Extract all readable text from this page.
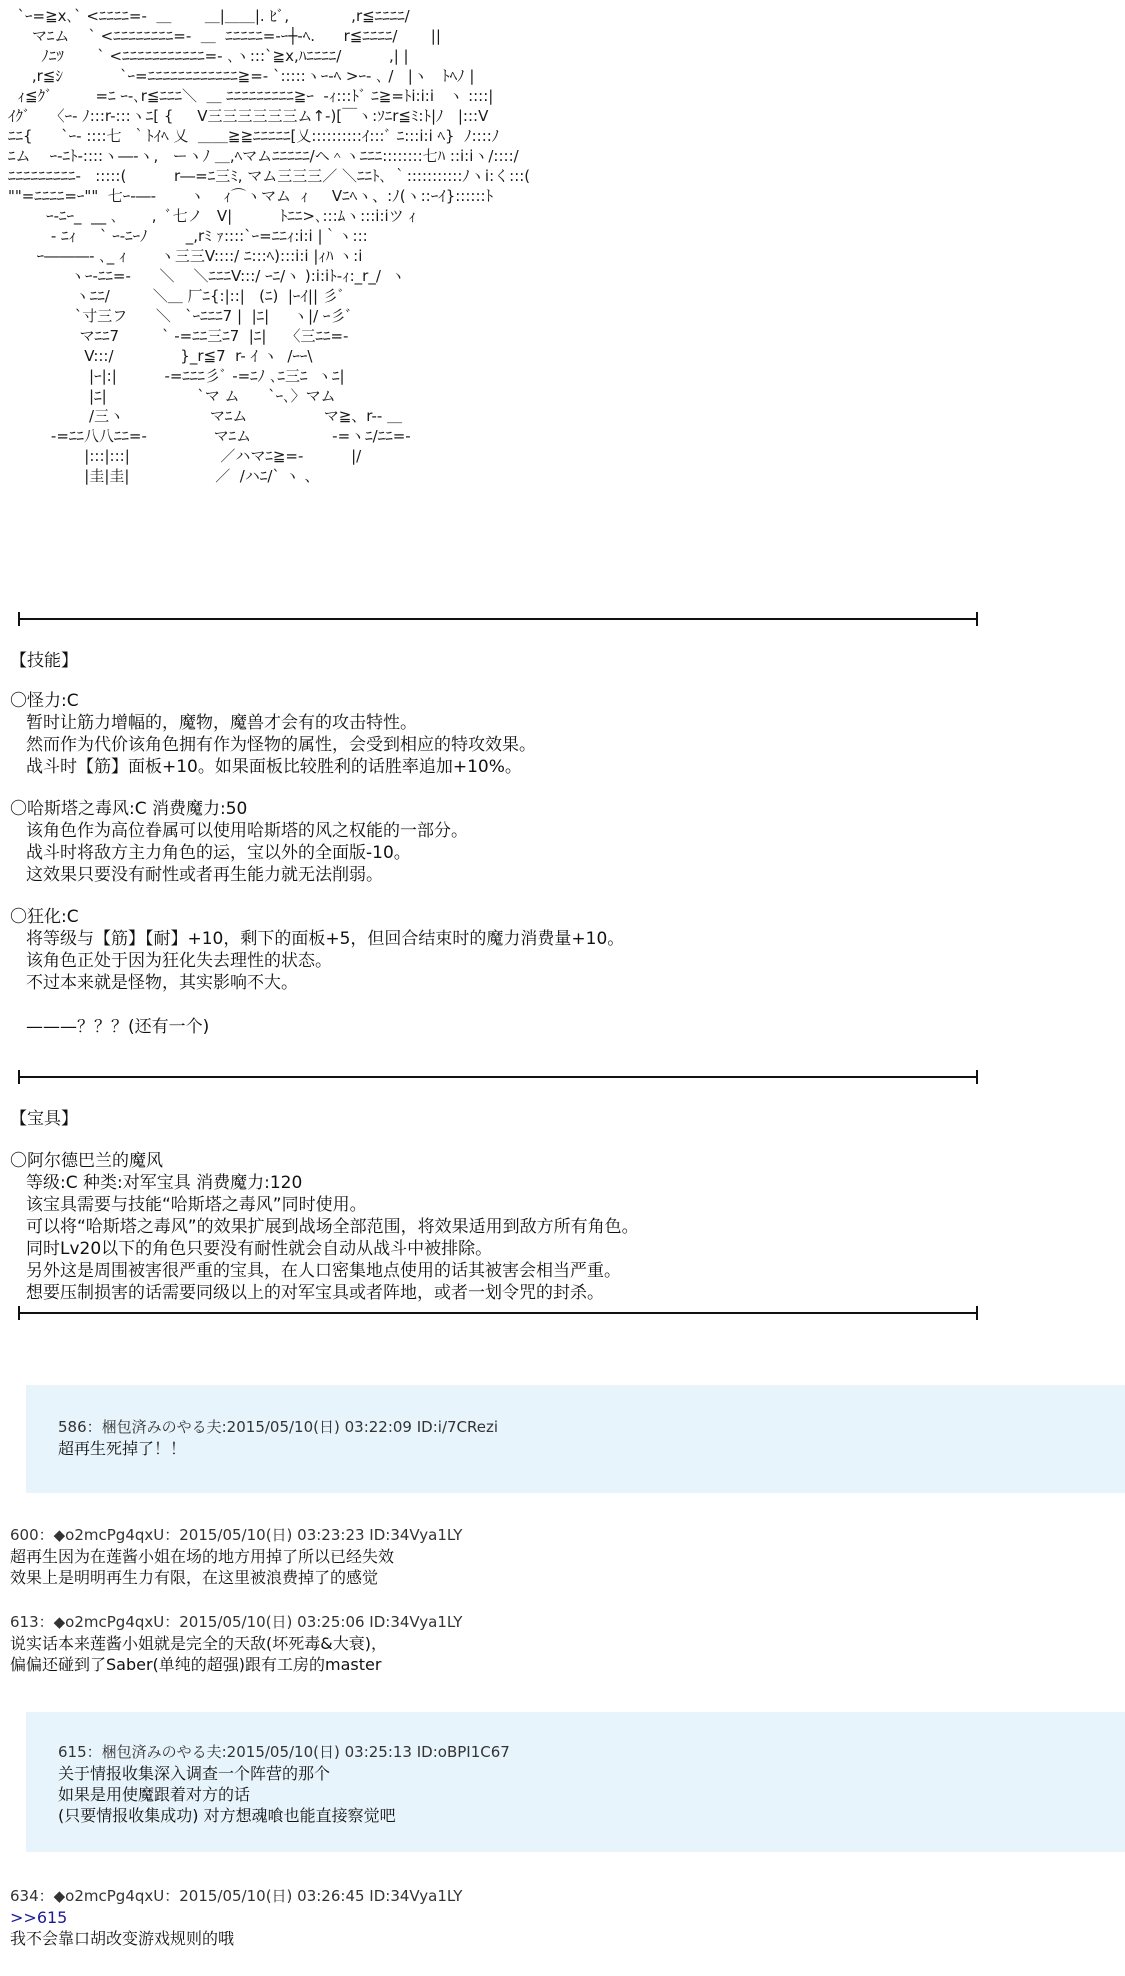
`ｰ=≧x､` <ﾆﾆﾆﾆ=-  ＿       ＿|＿＿|. ﾋﾞ,             ,r≦ﾆﾆﾆﾆ/
マﾆム    ` <ﾆﾆﾆﾆﾆﾆﾆﾆ=-  ＿  ﾆﾆﾆﾆﾆ=-ｰ┼‐ﾍ.      r≦ﾆﾆﾆﾆ/       ||
ﾉﾆﾂ       ` <ﾆﾆﾆﾆﾆﾆﾆﾆﾆﾆﾆ=- ､ヽ:::`≧x,ﾊﾆﾆﾆﾆ/          ,| |
,r≦ｼ            `ｰ=ﾆﾆﾆﾆﾆﾆﾆﾆﾆﾆﾆﾆ≧=- `:::::ヽｰ-ﾍ >ｰ- ､ /   |ヽ   ﾄﾍﾉ |
ｨ≦ｸﾞ         =ﾆ ｰ-､r≦ﾆﾆﾆ＼  ＿ ﾆﾆﾆﾆﾆﾆﾆﾆﾆ≧ｰ  -ｨ:::ﾄﾞ ﾆ≧=ﾄi:i:i   ヽ ::::|
ｲｸﾞ    〈ｰ- ﾉ:::r-:::ヽﾆ[ {     V三三三三三三ム↑-)[￣ヽ:ｿﾆr≦ﾐ:ﾄ|ﾉ   |:::V
ﾆﾆ{      `ｰ- ::::七  ｀ﾄｲﾍ 乂  ＿＿≧≧ﾆﾆﾆﾆﾆ[乂::::::::::ｲ:::ﾞ ﾆ:::i:i ﾍ}  ﾉ::::ﾉ
ﾆム    ｰ-ﾆﾄ-::::ヽ―-ヽ,   ーヽﾉ ＿,ﾍマムﾆﾆﾆﾆﾆ/ヘ＾ヽﾆﾆﾆ::::::::七ﾊ ::i:iヽ/::::/
ﾆﾆﾆﾆﾆﾆﾆﾆﾆ-   :::::(          r―=ﾆ三ﾐ, マム三三三／ ＼ﾆﾆﾄ､ ｀:::::::::::ﾉヽi:く:::(
""=ﾆﾆﾆﾆ=ｰ""  七ｰ-―-       ヽ    ｨ⌒ヽマム  ｨ     Vﾆﾍヽ、:ﾉ(ヽ::ｰｲ}::::::ﾄ
ｰ-ﾆｰ_  __ ､       ,  ﾞ七ノ   V|          ﾄﾆﾆ>､:::ﾑヽ:::i:iツ ｨ
- ﾆｨ     ` ｰ-ﾆｰﾉ        _,rﾐ ｧ::::`ｰ=ﾆﾆｨ:i:i |｀ヽ:::
ｰ―――- ､_ ｨ       ヽ三三V::::/ ﾆ:::ﾍ):::i:i |ｨﾊ ヽ:i
ヽｰ-ﾆﾆ=-      ＼    ＼ﾆﾆﾆV:::/ ｰﾆ/ヽ ):i:iﾄ-ｨ:_r_/  ヽ
ヽﾆﾆ/         ＼＿ 厂ﾆ{:|::|   (ﾆ)  |ｰｲ|| 彡ﾞ
`寸三フ      ＼   `ｰﾆﾆﾆ7 |  |ﾆ|     ヽ|/ ｰ彡ﾞ
マﾆﾆ7         ` -=ﾆﾆ三ﾆ7  |ﾆ|    〈三ﾆﾆ=-
V:::/              }_r≦7  r- ｲ ヽ  /ｰｰ\
|ｰ|:|          -=ﾆﾆﾆ彡ﾞ -=ﾆﾉ ､ﾆ三ﾆ  ヽﾆ|
|ﾆ|                   `マ ム      `ｰ､〉マム
/三ヽ                  マﾆム                マ≧、r-- ＿
-=ﾆﾆ八八ﾆﾆ=-              マﾆム                 -=ヽﾆ/ﾆﾆ=-
|:::|:::|                   ／ハマﾆ≧=-          |/
|圭|圭|                  ／  /ハﾆ/` ヽ 、
【技能】
〇怪力:C
暂时让筋力增幅的，魔物，魔兽才会有的攻击特性。
然而作为代价该角色拥有作为怪物的属性，会受到相应的特攻效果。
战斗时【筋】面板+10。如果面板比较胜利的话胜率追加+10%。
〇哈斯塔之毒风:C 消费魔力:50
该角色作为高位眷属可以使用哈斯塔的风之权能的一部分。
战斗时将敌方主力角色的运，宝以外的全面版-10。
这效果只要没有耐性或者再生能力就无法削弱。
〇狂化:C
将等级与【筋】【耐】+10，剩下的面板+5，但回合结束时的魔力消费量+10。
该角色正处于因为狂化失去理性的状态。
不过本来就是怪物，其实影响不大。
———？？？(还有一个)
【宝具】
〇阿尔德巴兰的魔风
等级:C 种类:对军宝具 消费魔力:120
该宝具需要与技能“哈斯塔之毒风”同时使用。
可以将“哈斯塔之毒风”的效果扩展到战场全部范围，将效果适用到敌方所有角色。
同时Lv20以下的角色只要没有耐性就会自动从战斗中被排除。
另外这是周围被害很严重的宝具，在人口密集地点使用的话其被害会相当严重。
想要压制损害的话需要同级以上的对军宝具或者阵地，或者一划令咒的封杀。
586：梱包済みのやる夫:2015/05/10(日) 03:22:09 ID:i/7CRezi
超再生死掉了！！
600：◆o2mcPg4qxU：2015/05/10(日) 03:23:23 ID:34Vya1LY
超再生因为在莲酱小姐在场的地方用掉了所以已经失效
效果上是明明再生力有限，在这里被浪费掉了的感觉
613：◆o2mcPg4qxU：2015/05/10(日) 03:25:06 ID:34Vya1LY
说实话本来莲酱小姐就是完全的天敌(坏死毒&大衰)，
偏偏还碰到了Saber(单纯的超强)跟有工房的master
615：梱包済みのやる夫:2015/05/10(日) 03:25:13 ID:oBPI1C67
关于情报收集深入调查一个阵营的那个
如果是用使魔跟着对方的话
(只要情报收集成功) 对方想魂喰也能直接察觉吧
634：◆o2mcPg4qxU：2015/05/10(日) 03:26:45 ID:34Vya1LY
>>615
我不会靠口胡改变游戏规则的哦
